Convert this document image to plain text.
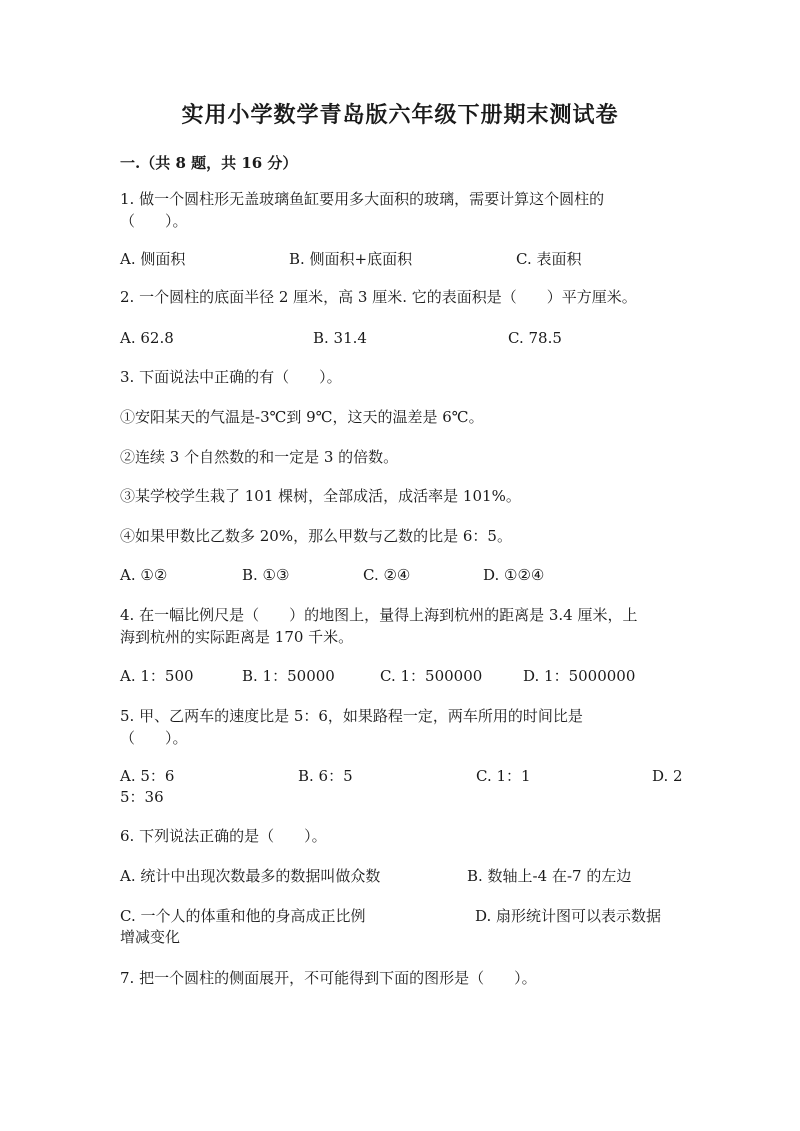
实用小学数学青岛版六年级下册期末测试卷
一.（共 8 题，共 16 分）
1. 做一个圆柱形无盖玻璃鱼缸要用多大面积的玻璃，需要计算这个圆柱的
（　　）。
A. 侧面积	B. 侧面积+底面积	C. 表面积
2. 一个圆柱的底面半径 2 厘米，高 3 厘米. 它的表面积是（　　）平方厘米。
A. 62.8	B. 31.4	C. 78.5
3. 下面说法中正确的有（　　）。
①安阳某天的气温是-3℃到 9℃，这天的温差是 6℃。
②连续 3 个自然数的和一定是 3 的倍数。
③某学校学生栽了 101 棵树，全部成活，成活率是 101%。
④如果甲数比乙数多 20%，那么甲数与乙数的比是 6：5。
A. ①②	B. ①③	C. ②④	D. ①②④
4. 在一幅比例尺是（　　）的地图上，量得上海到杭州的距离是 3.4 厘米，上
海到杭州的实际距离是 170 千米。
A. 1：500	B. 1：50000	C. 1：500000	D. 1：5000000
5. 甲、乙两车的速度比是 5：6，如果路程一定，两车所用的时间比是
（　　）。
A. 5：6	B. 6：5	C. 1：1	D. 2
5：36
6. 下列说法正确的是（　　）。
A. 统计中出现次数最多的数据叫做众数	B. 数轴上-4 在-7 的左边
C. 一个人的体重和他的身高成正比例	D. 扇形统计图可以表示数据
增减变化
7. 把一个圆柱的侧面展开，不可能得到下面的图形是（　　）。
